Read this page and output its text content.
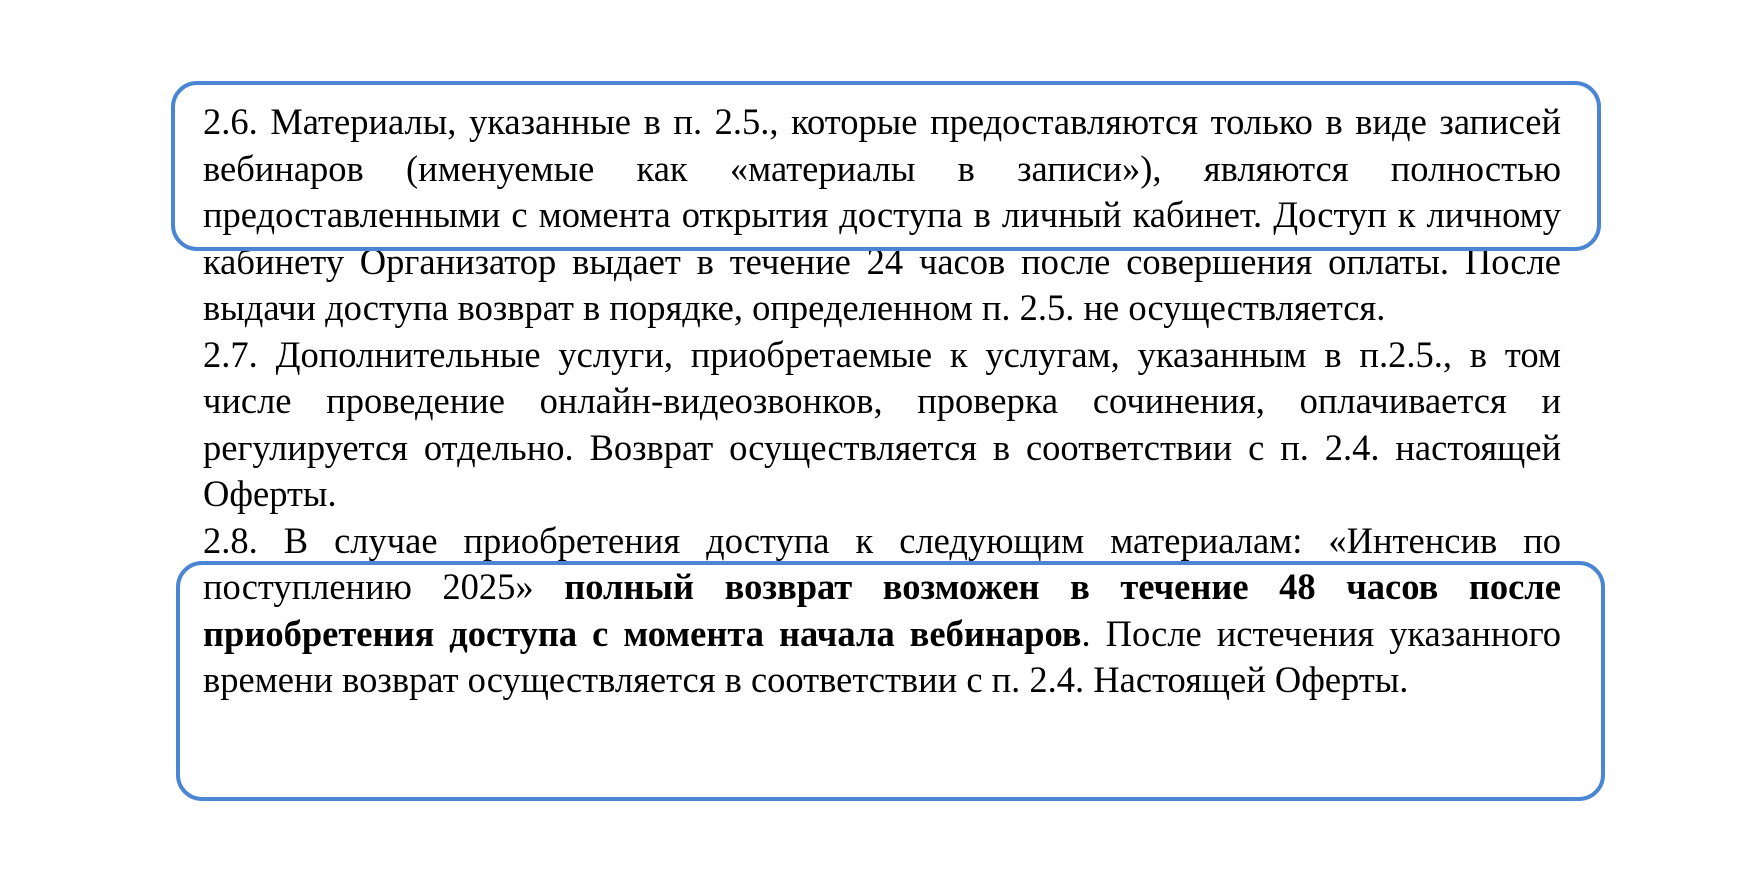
2.6. Материалы, указанные в п. 2.5., которые предоставляются только в виде записей вебинаров (именуемые как «материалы в записи»), являются полностью предоставленными с момента открытия доступа в личный кабинет. Доступ к личному кабинету Организатор выдает в течение 24 часов после совершения оплаты. После выдачи доступа возврат в порядке, определенном п. 2.5. не осуществляется.

2.7. Дополнительные услуги, приобретаемые к услугам, указанным в п.2.5., в том числе проведение онлайн-видеозвонков, проверка сочинения, оплачивается и регулируется отдельно. Возврат осуществляется в соответствии с п. 2.4. настоящей Оферты.

2.8. В случае приобретения доступа к следующим материалам: «Интенсив по поступлению 2025» полный возврат возможен в течение 48 часов после приобретения доступа с момента начала вебинаров. После истечения указанного времени возврат осуществляется в соответствии с п. 2.4. Настоящей Оферты.
